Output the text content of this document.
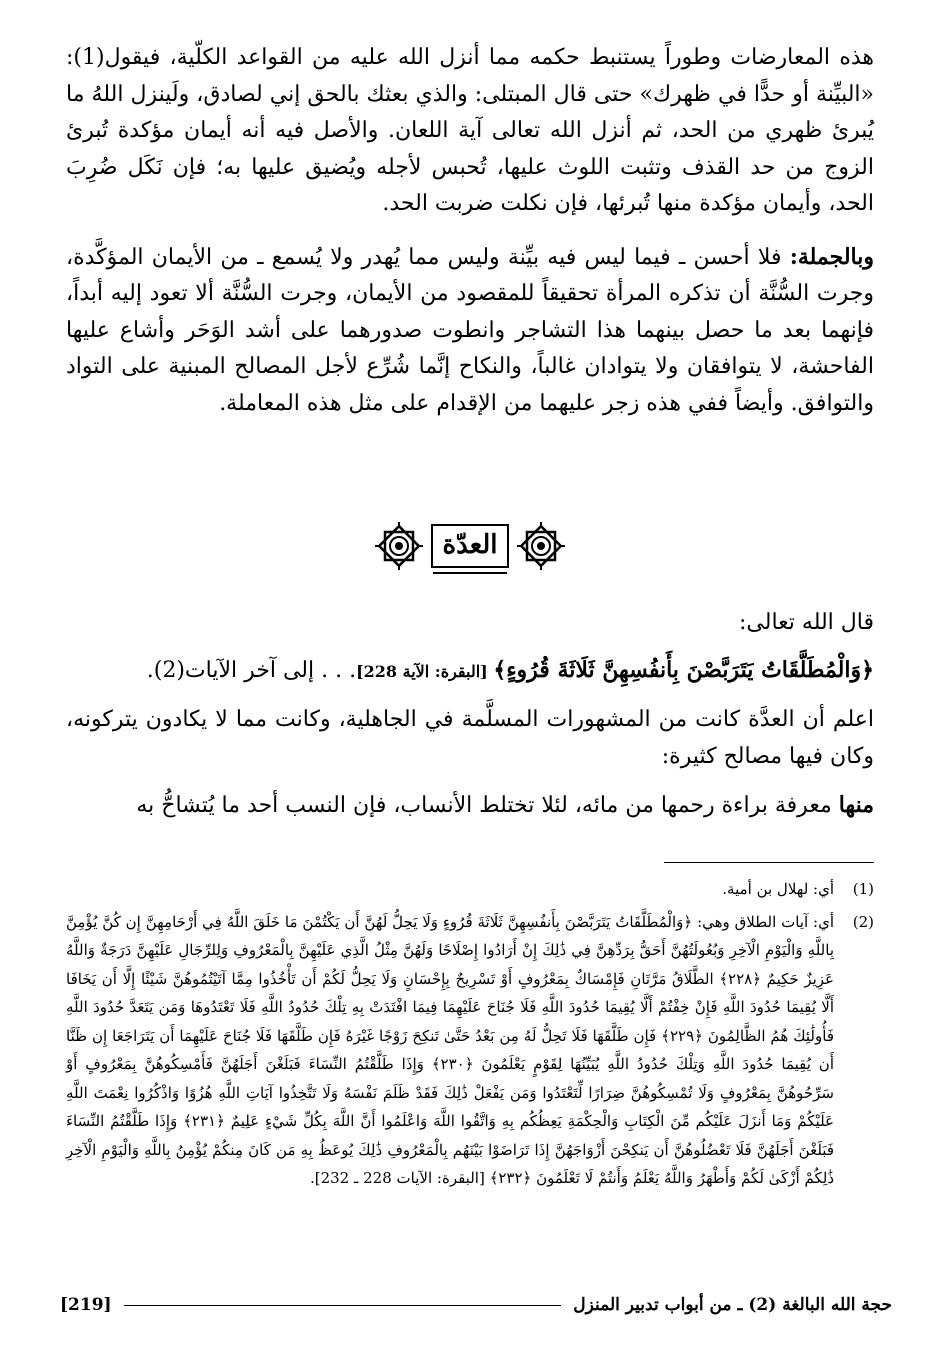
هذه المعارضات وطوراً يستنبط حكمه مما أنزل الله عليه من القواعد الكلّية، فيقول(1): «البيِّنة أو حدًّا في ظهرك» حتى قال المبتلى: والذي بعثك بالحق إني لصادق، ولَينزل اللهُ ما يُبرئ ظهري من الحد، ثم أنزل الله تعالى آية اللعان. والأصل فيه أنه أيمان مؤكدة تُبرئ الزوج من حد القذف وتثبت اللوث عليها، تُحبس لأجله ويُضيق عليها به؛ فإن نَكَل ضُرِبَ الحد، وأيمان مؤكدة منها تُبرئها، فإن نكلت ضربت الحد.

وبالجملة: فلا أحسن ـ فيما ليس فيه بيِّنة وليس مما يُهدر ولا يُسمع ـ من الأيمان المؤكَّدة، وجرت السُّنَّة أن تذكره المرأة تحقيقاً للمقصود من الأيمان، وجرت السُّنَّة ألا تعود إليه أبداً، فإنهما بعد ما حصل بينهما هذا التشاجر وانطوت صدورهما على أشد الوَحَر وأشاع عليها الفاحشة، لا يتوافقان ولا يتوادان غالباً، والنكاح إنَّما شُرِّع لأجل المصالح المبنية على التواد والتوافق. وأيضاً ففي هذه زجر عليهما من الإقدام على مثل هذه المعاملة.

العدّة

قال الله تعالى:

﴿وَالْمُطَلَّقَاتُ يَتَرَبَّصْنَ بِأَنفُسِهِنَّ ثَلَاثَةَ قُرُوءٍ﴾ [البقرة: الآية 228]. . . إلى آخر الآيات(2).

اعلم أن العدَّة كانت من المشهورات المسلَّمة في الجاهلية، وكانت مما لا يكادون يتركونه، وكان فيها مصالح كثيرة:

منها معرفة براءة رحمها من مائه، لئلا تختلط الأنساب، فإن النسب أحد ما يُتشاحُّ به

(1)
أي: لهلال بن أمية.
(2)
أي: آيات الطلاق وهي: ﴿وَالْمُطَلَّقَاتُ يَتَرَبَّصْنَ بِأَنفُسِهِنَّ ثَلَاثَةَ قُرُوءٍ وَلَا يَحِلُّ لَهُنَّ أَن يَكْتُمْنَ مَا خَلَقَ اللَّهُ فِي أَرْحَامِهِنَّ إِن كُنَّ يُؤْمِنَّ بِاللَّهِ وَالْيَوْمِ الْآخِرِ وَبُعُولَتُهُنَّ أَحَقُّ بِرَدِّهِنَّ فِي ذَٰلِكَ إِنْ أَرَادُوا إِصْلَاحًا وَلَهُنَّ مِثْلُ الَّذِي عَلَيْهِنَّ بِالْمَعْرُوفِ وَلِلرِّجَالِ عَلَيْهِنَّ دَرَجَةٌ وَاللَّهُ عَزِيزٌ حَكِيمٌ ﴿٢٢٨﴾ الطَّلَاقُ مَرَّتَانِ فَإِمْسَاكٌ بِمَعْرُوفٍ أَوْ تَسْرِيحٌ بِإِحْسَانٍ وَلَا يَحِلُّ لَكُمْ أَن تَأْخُذُوا مِمَّا آتَيْتُمُوهُنَّ شَيْئًا إِلَّا أَن يَخَافَا أَلَّا يُقِيمَا حُدُودَ اللَّهِ فَإِنْ خِفْتُمْ أَلَّا يُقِيمَا حُدُودَ اللَّهِ فَلَا جُنَاحَ عَلَيْهِمَا فِيمَا افْتَدَتْ بِهِ تِلْكَ حُدُودُ اللَّهِ فَلَا تَعْتَدُوهَا وَمَن يَتَعَدَّ حُدُودَ اللَّهِ فَأُولَٰئِكَ هُمُ الظَّالِمُونَ ﴿٢٢٩﴾ فَإِن طَلَّقَهَا فَلَا تَحِلُّ لَهُ مِن بَعْدُ حَتَّىٰ تَنكِحَ زَوْجًا غَيْرَهُ فَإِن طَلَّقَهَا فَلَا جُنَاحَ عَلَيْهِمَا أَن يَتَرَاجَعَا إِن ظَنَّا أَن يُقِيمَا حُدُودَ اللَّهِ وَتِلْكَ حُدُودُ اللَّهِ يُبَيِّنُهَا لِقَوْمٍ يَعْلَمُونَ ﴿٢٣٠﴾ وَإِذَا طَلَّقْتُمُ النِّسَاءَ فَبَلَغْنَ أَجَلَهُنَّ فَأَمْسِكُوهُنَّ بِمَعْرُوفٍ أَوْ سَرِّحُوهُنَّ بِمَعْرُوفٍ وَلَا تُمْسِكُوهُنَّ ضِرَارًا لِّتَعْتَدُوا وَمَن يَفْعَلْ ذَٰلِكَ فَقَدْ ظَلَمَ نَفْسَهُ وَلَا تَتَّخِذُوا آيَاتِ اللَّهِ هُزُوًا وَاذْكُرُوا نِعْمَتَ اللَّهِ عَلَيْكُمْ وَمَا أَنزَلَ عَلَيْكُم مِّنَ الْكِتَابِ وَالْحِكْمَةِ يَعِظُكُم بِهِ وَاتَّقُوا اللَّهَ وَاعْلَمُوا أَنَّ اللَّهَ بِكُلِّ شَيْءٍ عَلِيمٌ ﴿٢٣١﴾ وَإِذَا طَلَّقْتُمُ النِّسَاءَ فَبَلَغْنَ أَجَلَهُنَّ فَلَا تَعْضُلُوهُنَّ أَن يَنكِحْنَ أَزْوَاجَهُنَّ إِذَا تَرَاضَوْا بَيْنَهُم بِالْمَعْرُوفِ ذَٰلِكَ يُوعَظُ بِهِ مَن كَانَ مِنكُمْ يُؤْمِنُ بِاللَّهِ وَالْيَوْمِ الْآخِرِ ذَٰلِكُمْ أَزْكَىٰ لَكُمْ وَأَطْهَرُ وَاللَّهُ يَعْلَمُ وَأَنتُمْ لَا تَعْلَمُونَ ﴿٢٣٢﴾ [البقرة: الآيات 228 ـ 232].
حجة الله البالغة (2) ـ من أبواب تدبير المنزل
[219]
